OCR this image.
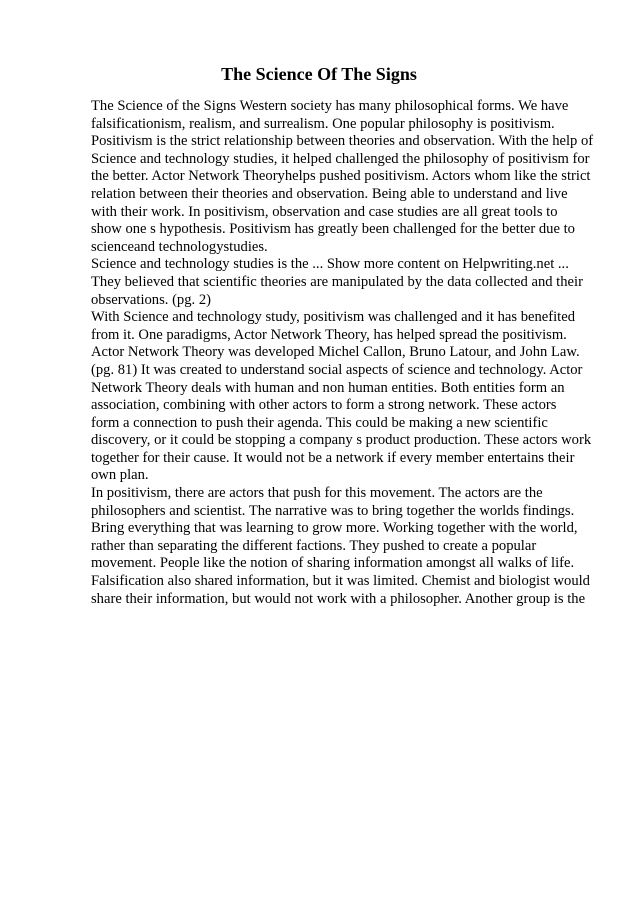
The Science Of The Signs

The Science of the Signs Western society has many philosophical forms. We have

falsificationism, realism, and surrealism. One popular philosophy is positivism.

Positivism is the strict relationship between theories and observation. With the help of

Science and technology studies, it helped challenged the philosophy of positivism for

the better. Actor Network Theoryhelps pushed positivism. Actors whom like the strict

relation between their theories and observation. Being able to understand and live

with their work. In positivism, observation and case studies are all great tools to

show one s hypothesis. Positivism has greatly been challenged for the better due to

scienceand technologystudies.

Science and technology studies is the ... Show more content on Helpwriting.net ...

They believed that scientific theories are manipulated by the data collected and their

observations. (pg. 2)

With Science and technology study, positivism was challenged and it has benefited

from it. One paradigms, Actor Network Theory, has helped spread the positivism.

Actor Network Theory was developed Michel Callon, Bruno Latour, and John Law.

(pg. 81) It was created to understand social aspects of science and technology. Actor

Network Theory deals with human and non human entities. Both entities form an

association, combining with other actors to form a strong network. These actors

form a connection to push their agenda. This could be making a new scientific

discovery, or it could be stopping a company s product production. These actors work

together for their cause. It would not be a network if every member entertains their

own plan.

In positivism, there are actors that push for this movement. The actors are the

philosophers and scientist. The narrative was to bring together the worlds findings.

Bring everything that was learning to grow more. Working together with the world,

rather than separating the different factions. They pushed to create a popular

movement. People like the notion of sharing information amongst all walks of life.

Falsification also shared information, but it was limited. Chemist and biologist would

share their information, but would not work with a philosopher. Another group is the
